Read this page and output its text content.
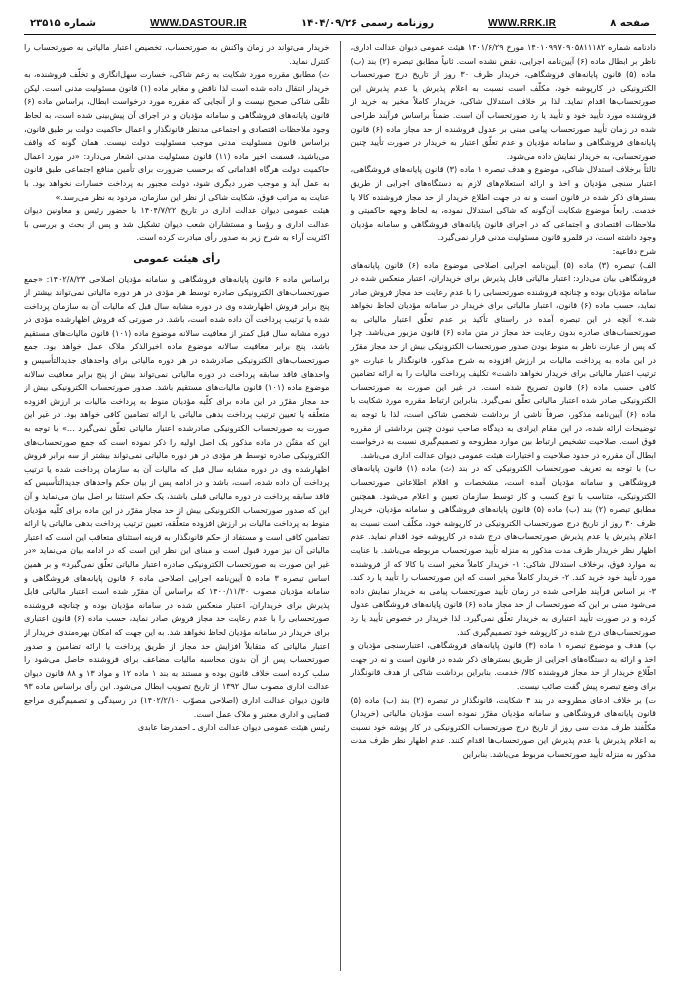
صفحه ۸
WWW.RRK.IR
روزنامه رسمی ۱۴۰۴/۰۹/۲۶
WWW.DASTOUR.IR
شماره ۲۳۵۱۵

دادنامه شماره ۱۴۰۱۰۹۹۷۰۹۰۵۸۱۱۱۸۲ مورخ ۱۴۰۱/۶/۲۹ هیئت عمومی دیوان عدالت اداری، ناظر بر ابطال ماده (۶) آیین‌نامه اجرایی، نقض نشده است. ثانیاً مطابق تبصره (۲) بند (ب) ماده (۵) قانون پایانه‌های فروشگاهی، خریدار ظرف ۳۰ روز از تاریخ درج صورتحساب الکترونیکی در کارپوشه خود، مکلّف است نسبت به اعلام پذیرش یا عدم پذیرش این صورتحساب‌ها اقدام نماید. لذا بر خلاف استدلال شاکی، خریدار کاملاً مخیر به خرید از فروشنده مورد تأیید خود و تأیید یا رد صورتحساب آن است. ضمناً براساس فرآیند طراحی شده در زمان تأیید صورتحساب پیامی مبنی بر عدول فروشنده از حد مجاز ماده (۶) قانون پایانه‌های فروشگاهی و سامانه مؤدیان و عدم تعلّق اعتبار به خریدار در صورت تأیید چنین صورتحسابی، به خریدار نمایش داده می‌شود.

ثالثاً برخلاف استدلال شاکی، موضوع و هدف تبصره ۱ ماده (۳) قانون پایانه‌های فروشگاهی، اعتبار سنجی مؤدیان و اخذ و ارائه استعلام‌های لازم به دستگاه‌های اجرایی از طریق بسترهای ذکر شده در قانون است و نه در جهت اطلاع خریدار از حد مجاز فروشنده کالا یا خدمت. رابعاً موضوع شکایت آن‌گونه که شاکی استدلال نموده، به لحاظ وجهه حاکمیتی و ملاحظات اقتصادی و اجتماعی که در اجرای قانون پایانه‌های فروشگاهی و سامانه مؤدیان وجود داشته است، در قلمرو قانون مسئولیت مدنی قرار نمی‌گیرد.

شرح دفاعیه:

الف) تبصره (۳) ماده (۵) آیین‌نامه اجرایی اصلاحی موضوع ماده (۶) قانون پایانه‌های فروشگاهی بیان می‌دارد: اعتبار مالیاتی قابل پذیرش برای خریداران، اعتبار منعکس شده در سامانه مؤدیان بوده و چنانچه فروشنده صورتحسابی را با عدم رعایت حد مجاز فروش صادر نماید، حسب ماده (۶) قانون، اعتبار مالیاتی برای خریدار در سامانه مؤدیان لحاظ نخواهد شد.» آنچه در این تبصره آمده در راستای تأکید بر عدم تعلّق اعتبار مالیاتی به صورتحساب‌های صادره بدون رعایت حد مجاز در متن ماده (۶) قانون مزبور می‌باشد. چرا که پس از عبارت ناظر به منوط بودن صدور صورتحساب الکترونیکی بیش از حد مجاز مقرّر در این ماده به پرداخت مالیات بر ارزش افزوده به شرح مذکور، قانونگذار با عبارت «و ترتیب اعتبار مالیاتی برای خریدار نخواهد داشت» تکلیف پرداخت مالیات را به ارائه تضامین کافی حسب ماده (۶) قانون تصریح شده است. در غیر این صورت به صورتحساب الکترونیکی صادر شده اعتبار مالیاتی تعلّق نمی‌گیرد. بنابراین ارتباط مقرره مورد شکایت با ماده (۶) آیین‌نامه مذکور، صرفاً ناشی از برداشت شخصی شاکی است، لذا با توجه به توضیحات ارائه شده، در این مقام ایرادی به دیدگاه صاحب نبودن چنین برداشتی از مقرره فوق است. صلاحیت تشخیص ارتباط بین موارد مطروحه و تصمیم‌گیری نسبت به درخواست ابطال آن مقرره در حدود صلاحیت و اختیارات هیئت عمومی دیوان عدالت اداری می‌باشد.

ب) با توجه به تعریف صورتحساب الکترونیکی که در بند (ث) ماده (۱) قانون پایانه‌های فروشگاهی و سامانه مؤدیان آمده است، مشخصات و اقلام اطلاعاتی صورتحساب الکترونیکی، متناسب با نوع کسب و کار توسط سازمان تعیین و اعلام می‌شود. همچنین مطابق تبصره (۲) بند (ب) ماده (۵) قانون پایانه‌های فروشگاهی و سامانه مؤدیان، خریدار ظرف ۳۰ روز از تاریخ درج صورتحساب الکترونیکی در کارپوشه خود، مکلّف است نسبت به اعلام پذیرش یا عدم پذیرش صورتحساب‌های درج شده در کارپوشه خود اقدام نماید. عدم اظهار نظر خریدار ظرف مدت مذکور به منزله تأیید صورتحساب مربوطه می‌باشد. با عنایت به موارد فوق، برخلاف استدلال شاکی: ۱- خریدار کاملاً مخیر است با کالا که از فروشنده مورد تأیید خود خرید کند. ۲- خریدار کاملاً مخیر است که این صورتحساب را تأیید یا رد کند. ۳- بر اساس فرآیند طراحی شده در زمان تأیید صورتحساب پیامی به خریدار نمایش داده می‌شود مبنی بر این که صورتحساب از حد مجاز ماده (۶) قانون پایانه‌های فروشگاهی عدول کرده و در صورت تأیید اعتباری به خریدار تعلّق نمی‌گیرد. لذا خریدار در خصوص تأیید یا رد صورتحساب‌های درج شده در کارپوشه خود تصمیم‌گیری کند.

پ) هدف و موضوع تبصره ۱ ماده (۳) قانون پایانه‌های فروشگاهی، اعتبارسنجی مؤدیان و اخذ و ارائه به دستگاه‌های اجرایی از طریق بسترهای ذکر شده در قانون است و نه در جهت اطّلاع خریدار از حد مجاز فروشنده کالا/ خدمت. بنابراین برداشت شاکی از هدف قانونگذار برای وضع تبصره پیش گفت صائب نیست.

ت) بر خلاف ادعای مطروحه در بند ۴ شکایت، قانونگذار در تبصره (۲) بند (ب) ماده (۵) قانون پایانه‌های فروشگاهی و سامانه مؤدیان مقرّر نموده است مؤدیان مالیاتی (خریدار) مکلّفند ظرف مدت سی روز از تاریخ درج صورتحساب الکترونیکی در کار پوشه خود نسبت به اعلام پذیرش یا عدم پذیرش این صورتحساب‌ها اقدام کنند. عدم اظهار نظر ظرف مدت مذکور به منزله تأیید صورتحساب مربوط می‌باشد. بنابراین

خریدار می‌تواند در زمان واکنش به صورتحساب، تخصیص اعتبار مالیاتی به صورتحساب را کنترل نماید.

ث) مطابق مقرره مورد شکایت به زعم شاکی، خسارت سهل‌انگاری و تخلّف فروشنده، به خریدار انتقال داده شده است لذا ناقض و مغایر ماده (۱) قانون مسئولیت مدنی است. لیکن تلقّی شاکی صحیح نیست و از آنجایی که مقرره مورد درخواست ابطال، براساس ماده (۶) قانون پایانه‌های فروشگاهی و سامانه مؤدیان و در اجرای آن پیش‌بینی شده است، به لحاظ وجود ملاحظات اقتصادی و اجتماعی مدنظر قانونگذار و اعمال حاکمیت دولت بر طبق قانون، براساس قانون مسئولیت مدنی موجب مسئولیت دولت نیست. همان گونه که واقف می‌باشید، قسمت اخیر ماده (۱۱) قانون مسئولیت مدنی اشعار می‌دارد: «در مورد اعمال حاکمیت دولت هرگاه اقداماتی که برحسب ضرورت برای تأمین منافع اجتماعی طبق قانون به عمل آید و موجب ضرر دیگری شود، دولت مجبور به پرداخت خسارات نخواهد بود. با عنایت به مراتب فوق، شکایت شاکی از نظر این سازمان، مردود به نظر می‌رسد.»

هیئت عمومی دیوان عدالت اداری در تاریخ ۱۴۰۴/۷/۲۲ با حضور رئیس و معاونین دیوان عدالت اداری و رؤسا و مستشاران شعب دیوان تشکیل شد و پس از بحث و بررسی با اکثریت آراء به شرح زیر به صدور رأی مبادرت کرده است.

رأی هیئت عمومی

براساس ماده ۶ قانون پایانه‌های فروشگاهی و سامانه مؤدیان اصلاحی ۱۴۰۲/۸/۲۳: «جمع صورتحساب‌های الکترونیکی صادره توسط هر مؤدی در هر دوره مالیاتی نمی‌تواند بیشتر از پنج برابر فروش اظهارشده وی در دوره مشابه سال قبل که مالیات آن به سازمان پرداخت شده یا ترتیب پرداخت آن داده شده است، باشد. در صورتی که فروش اظهارشده مؤدی در دوره مشابه سال قبل کمتر از معافیت سالانه موضوع ماده (۱۰۱) قانون مالیات‌های مستقیم باشد، پنج برابر معافیت سالانه موضوع ماده اخیرالذکر ملاک عمل خواهد بود. جمع صورتحساب‌های الکترونیکی صادرشده در هر دوره مالیاتی برای واحدهای جدیدالتأسیس و واحدهای فاقد سابقه پرداخت در دوره مالیاتی نمی‌تواند بیش از پنج برابر معافیت سالانه موضوع ماده (۱۰۱) قانون مالیات‌های مستقیم باشد. صدور صورتحساب الکترونیکی بیش از حد مجاز مقرّر در این ماده برای کلّیه مؤدیان منوط به پرداخت مالیات بر ارزش افزوده متعلّقه یا تعیین ترتیب پرداخت بدهی مالیاتی یا ارائه تضامین کافی خواهد بود. در غیر این صورت به صورتحساب الکترونیکی صادرشده اعتبار مالیاتی تعلّق نمی‌گیرد ...» با توجه به این که مقنّن در ماده مذکور یک اصل اولیه را ذکر نموده است که جمع صورتحساب‌های الکترونیکی صادره توسط هر مؤدی در هر دوره مالیاتی نمی‌تواند بیشتر از سه برابر فروش اظهارشده وی در دوره مشابه سال قبل که مالیات آن به سازمان پرداخت شده یا ترتیب پرداخت آن داده شده، است، باشد و در ادامه پس از بیان حکم واحدهای جدیدالتأسیس که فاقد سابقه پرداخت در دوره مالیاتی قبلی باشند، یک حکم استثنا بر اصل بیان می‌نماید و آن این که صدور صورتحساب الکترونیکی بیش از حد مجاز مقرّر در این ماده برای کلّیه مؤدیان منوط به پرداخت مالیات بر ارزش افزوده متعلّقه، تعیین ترتیب پرداخت بدهی مالیاتی یا ارائه تضامین کافی است و مستفاد از حکم قانونگذار به قرینه استثنای متعاقب این است که اعتبار مالیاتی آن نیز مورد قبول است و مبنای این نظر این است که در ادامه بیان می‌نماید «در غیر این صورت به صورتحساب الکترونیکی صادره اعتبار مالیاتی تعلّق نمی‌گیرد» و بر همین اساس تبصره ۳ ماده ۵ آیین‌نامه اجرایی اصلاحی ماده ۶ قانون پایانه‌های فروشگاهی و سامانه مؤدیان مصوب ۱۴۰۰/۱۱/۳۰ که براساس آن مقرّر شده است اعتبار مالیاتی قابل پذیرش برای خریداران، اعتبار منعکس شده در سامانه مؤدیان بوده و چنانچه فروشنده صورتحسابی را با عدم رعایت حد مجاز فروش صادر نماید، حسب ماده (۶) قانون اعتباری برای خریدار در سامانه مؤدیان لحاظ نخواهد شد. به این جهت که امکان بهره‌مندی خریدار از اعتبار مالیاتی که متقابلاً افزایش حد مجاز از طریق پرداخت یا ارائه تضامین و صدور صورتحساب پس از آن بدون محاسبه مالیات مضاعف برای فروشنده حاصل می‌شود را سلب کرده است خلاف قانون بوده و مستند به بند ۱ ماده ۱۲ و مواد ۱۳ و ۸۸ قانون دیوان عدالت اداری مصوب سال ۱۳۹۲ از تاریخ تصویب ابطال می‌شود. این رأی براساس ماده ۹۳ قانون دیوان عدالت اداری (اصلاحی مصوّب ۱۴۰۲/۲/۱۰) در رسیدگی و تصمیم‌گیری مراجع قضایی و اداری معتبر و ملاک عمل است.

رئیس هیئت عمومی دیوان عدالت اداری ـ احمدرضا عابدی
